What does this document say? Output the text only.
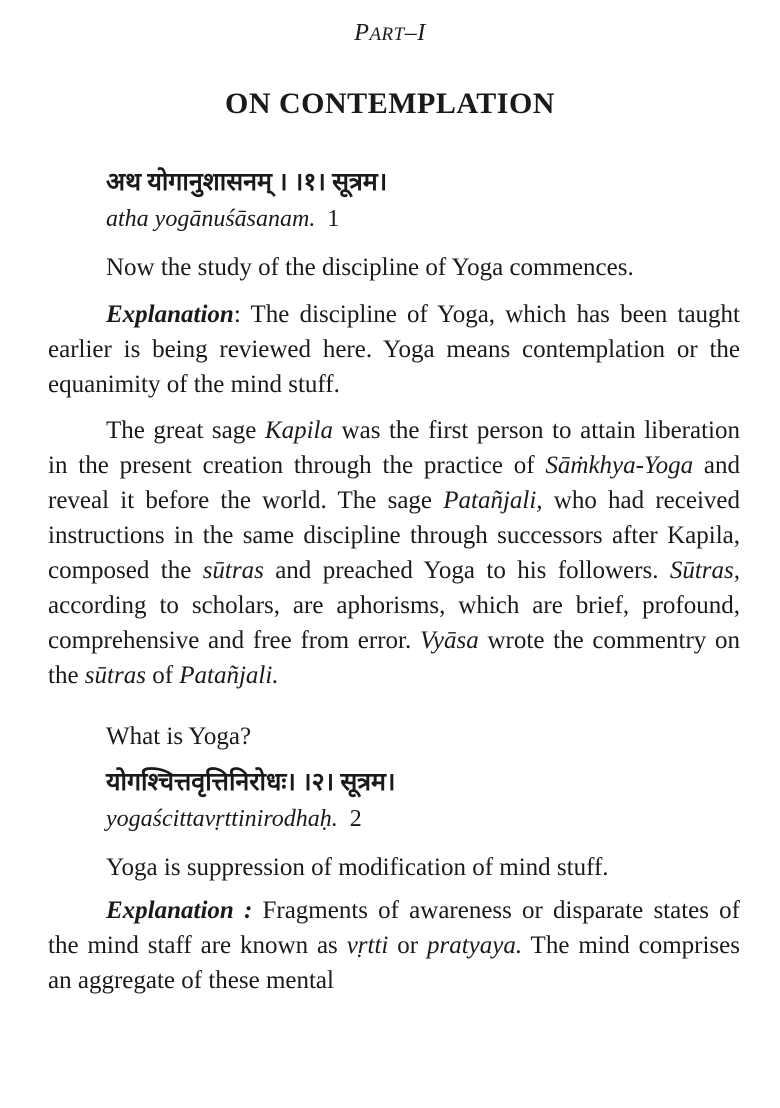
PART–I
ON CONTEMPLATION
अथ योगानुशासनम् । ।१। सूत्रम।
atha yogānuśāsanam. 1

Now the study of the discipline of Yoga commences.

Explanation: The discipline of Yoga, which has been taught earlier is being reviewed here. Yoga means contemplation or the equanimity of the mind stuff.

The great sage Kapila was the first person to attain liberation in the present creation through the practice of Sāṁkhya-Yoga and reveal it before the world. The sage Patañjali, who had received instructions in the same discipline through successors after Kapila, composed the sūtras and preached Yoga to his followers. Sūtras, according to scholars, are aphorisms, which are brief, profound, comprehensive and free from error. Vyāsa wrote the commentry on the sūtras of Patañjali.

What is Yoga?

योगश्चित्तवृत्तिनिरोधः। ।२। सूत्रम।
yogaścittavṛttinirodhaḥ. 2

Yoga is suppression of modification of mind stuff.

Explanation : Fragments of awareness or disparate states of the mind staff are known as vṛtti or pratyaya. The mind comprises an aggregate of these mental
